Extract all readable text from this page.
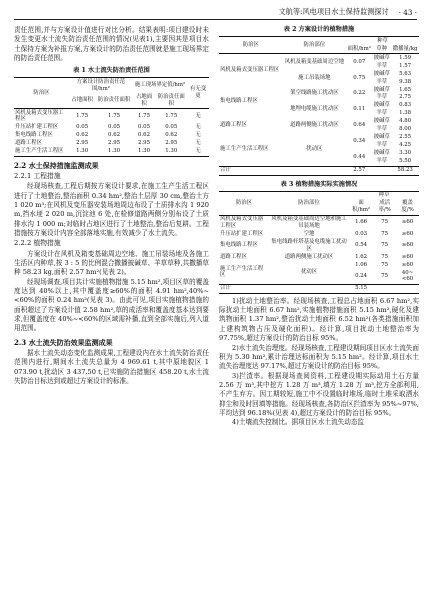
文航等:风电项目水土保持监测探讨 · 43 ·

责任范围,并与方案设计值进行对比分析。结果表明:项目建设时未发生变更水土流失防治责任范围的情况(见表1),主要因其是项目水土保持方案为补报方案,方案设计的防治责任范围就是施工现场界定的防治责任范围。

表 1 水土流失防治责任范围
防治区	方案设计防治责任范围/hm²		施工现场界定值/hm²		有无变更
	占地面积	防治责任面积	占地面积	防治责任面积	
风机及箱式变压器工程区	1.75	1.75	1.75	1.75	无
升压站扩建工程区	0.05	0.05	0.05	0.05	无
集电线路工程区	0.62	0.62	0.62	0.62	无
道路工程区	2.95	2.95	2.95	2.95	无
施工生产生活工程区	1.30	1.30	1.30	1.30	无
2.2 水土保持措施监测成果
2.2.1 工程措施

经现场核查,工程后期按方案设计要求,在施工生产生活工程区进行了土地整治,整治面积 0.34 hm²,整治土层厚 30 cm,整治土方 1 020 m³;在风机及变压器安装场地周边布设了土质排水沟 1 920 m,挡水埂 2 020 m,沉淀池 6 处,在检修道路两侧分别布设了土质排水沟 1 000 m;对临时占地区进行了土地整治,整治后复耕。工程措施按方案设计内容全部落地实施,有效减少了水土流失。

2.2.2 植物措施

方案设计在风机及箱变基础周边空地、施工吊装场地及各施工生活区内种草,按 3 : 5 的比例混合撒播披碱草、羊草草种,共撒播草种 58.23 kg,面积 2.57 hm²(见表 2)。

经现场调查,项目共计实施植物措施 5.15 hm²,项目区草的覆盖度达到 40%以上,其中覆盖度≥60%的面积 4.91 hm²,40%~<60%的面积 0.24 hm²(见表 3)。由此可见,项目实施植物措施的面积超过了方案设计值 2.58 hm²,草的成活率和覆盖度基本达到要求,但覆盖度在 40%~<60%的区域需补播,直到全部实施后,列入道用范围。

2.3 水土流失防治效果监测成果

据水土流失动态变化监测成果,工程建设内在水土流失防治责任范围内进行,期间水土流失总量为 4 969.61 t,其中原地貌区 1 073.90 t,扰动区 3 437.50 t,已实施防治措施区 458.20 t,水土流失防治目标达到或超过方案设计的标准。

表 2 方案设计的植物措施
防治区	防治部位	种草		
		面积/hm²	草种	撒播量/kg
风机及箱式变压器工程区	风机及箱变基础周边空地	0.07	披碱草	1.59
			羊草	1.57
	施工吊装场地	0.75	披碱草	5.63
			羊草	9.38
集电线路工程区	架空线路施工扰动区	0.22	披碱草	1.65
			羊草	2.75
	地埋电缆施工扰动区	0.11	披碱草	0.83
			羊草	1.38
道路工程区	道路两侧施工扰动区	0.64	披碱草	4.80
			羊草	8.00
施工生产生活工程区	扰动区	0.34	披碱草	2.55
			羊草	4.25
		0.44	披碱草	3.30
			羊草	5.50
合计		2.57		58.23
表 3 植物措施实际实施情况
防治区	防治部位	种草		
		面积/hm²	成活率/%	覆盖度/%
风机及箱式变压器工程区	风机及箱变基础周边空地和施工吊装场地	1.66	75	≥60
升压站扩建工程区	空地	0.03	75	≥60
集电线路工程区	集电线路杆塔基及电缆施工扰动区	0.54	75	≥60
道路工程区	道路两侧施工扰动区	1.62	75	≥60
施工生产生活工程区	扰动区	1.06	75	≥60
		0.24	75	40~<60
合计		5.15		

1)扰动土地整治率。经现场核查,工程总占地面积 6.67 hm²,实际扰动土地面积 6.67 hm²,实施植物措施面积 5.15 hm²,硬化及建筑物面积 1.37 hm²,整治扰动土地面积 6.52 hm²(各类措施面积加上建构筑物占压及硬化面积)。经计算,项目扰动土地整治率为 97.75%,超过方案设计的防治目标 95%。

2)水土流失治理度。经现场核查,工程建设期间项目区水土流失面积为 5.30 hm²,累计治理达标面积为 5.15 hm²。经计算,项目水土流失治理度达 97.17%,超过方案设计的防治目标 95%。

3)拦渣率。根据现场查阅资料,工程建设期实际动用土石方量 2.56 万 m³,其中挖方 1.28 万 m³,填方 1.28 万 m³,挖方全部利用,不产生弃方。因工期较短,施工中不设置临时堆场,临时土堆采取洒水抑尘和及时回填等措施。经现场核查,各防治区拦渣率为 95%~97%,平均达到 96.18%(见表 4),超过方案设计的防治目标 95%。

4)土壤流失控制比。据项目区水土流失动态监
